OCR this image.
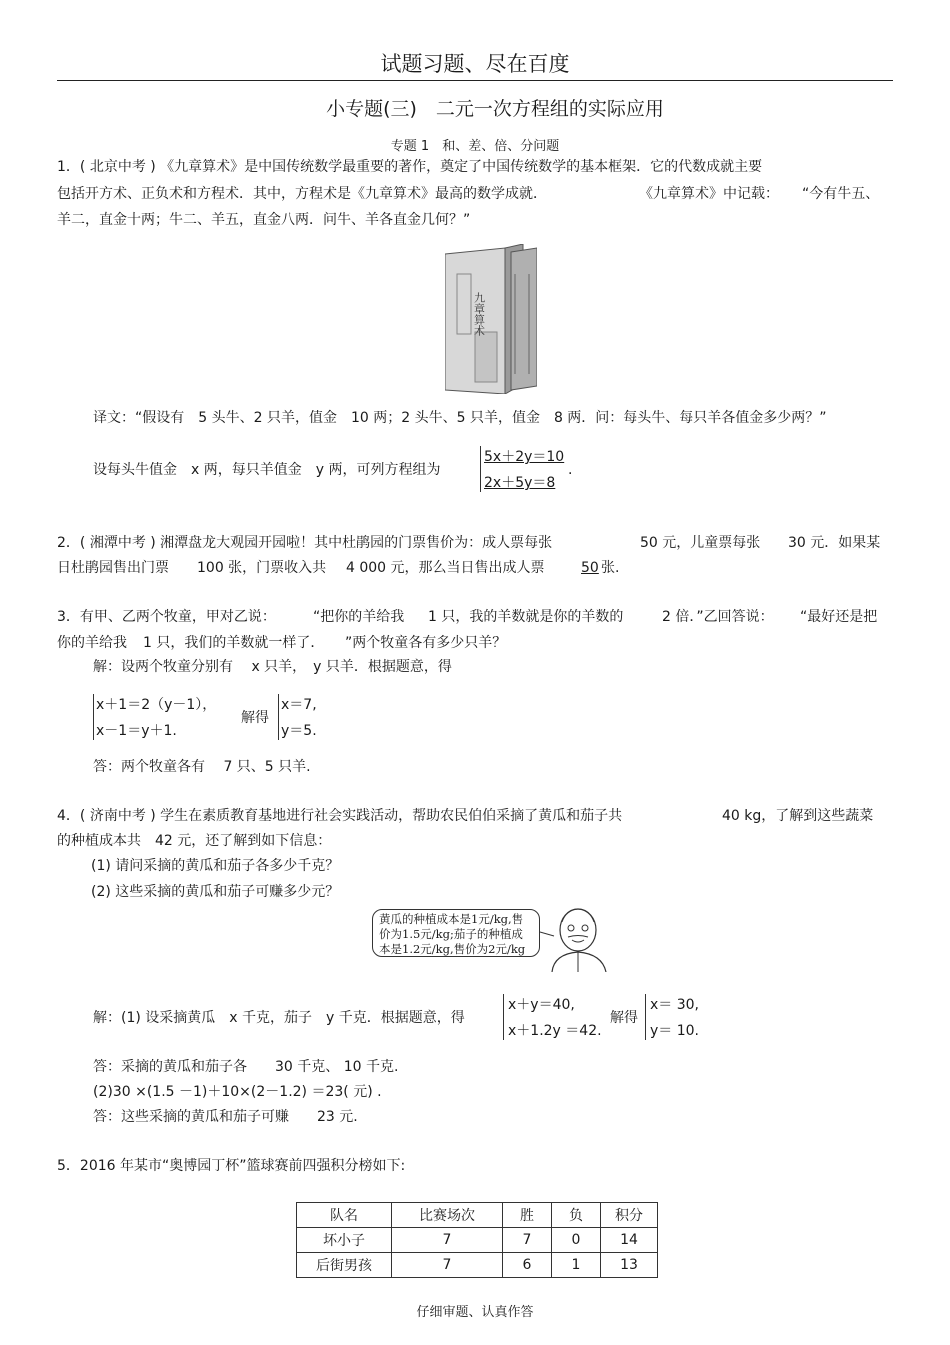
试题习题、尽在百度
小专题(三)　二元一次方程组的实际应用
专题 1　和、差、倍、分问题
1．( 北京中考 ) 《九章算术》是中国传统数学最重要的著作，奠定了中国传统数学的基本框架．它的代数成就主要
包括开方术、正负术和方程术．其中，方程术是《九章算术》最高的数学成就．	《九章算术》中记载： “今有牛五、
羊二，直金十两；牛二、羊五，直金八两．问牛、羊各直金几何？”
九章算术
译文：“假设有　5 头牛、2 只羊，值金　10 两；2 头牛、5 只羊，值金　8 两．问：每头牛、每只羊各值金多少两？”
设每头牛值金　x 两，每只羊值金　y 两，可列方程组为
5x＋2y＝10
2x＋5y＝8
.
2．( 湘潭中考 ) 湘潭盘龙大观园开园啦！其中杜鹃园的门票售价为：成人票每张	50 元，儿童票每张 30 元．如果某
日杜鹃园售出门票 100 张，门票收入共 4 000 元，那么当日售出成人票	50 张.
3．有甲、乙两个牧童，甲对乙说：	“把你的羊给我 1 只，我的羊数就是你的羊数的	2 倍．”乙回答说： “最好还是把
你的羊给我 1 只，我们的羊数就一样了． ”两个牧童各有多少只羊？
解：设两个牧童分别有　 x 只羊，　y 只羊．根据题意，得
x＋1＝2（y－1），
x－1＝y＋1.
解得
x＝7,
y＝5.
答：两个牧童各有　 7 只、5 只羊.
4．( 济南中考 ) 学生在素质教育基地进行社会实践活动，帮助农民伯伯采摘了黄瓜和茄子共	40 kg，了解到这些蔬菜
的种植成本共　42 元，还了解到如下信息：
(1) 请问采摘的黄瓜和茄子各多少千克？
(2) 这些采摘的黄瓜和茄子可赚多少元？
黄瓜的种植成本是1元/kg,售价为1.5元/kg;茄子的种植成本是1.2元/kg,售价为2元/kg
解：(1) 设采摘黄瓜　x 千克，茄子　y 千克．根据题意，得
x＋y＝40,
x＋1.2y ＝42.
解得
x＝ 30,
y＝ 10.
答：采摘的黄瓜和茄子各　　30 千克、 10 千克.
(2)30 ×(1.5 －1)＋10×(2－1.2) ＝23( 元) .
答：这些采摘的黄瓜和茄子可赚　　23 元.
5．2016 年某市“奥博园丁杯”篮球赛前四强积分榜如下:
队名	比赛场次	胜	负	积分
坏小子	7	7	0	14
后街男孩	7	6	1	13
仔细审题、认真作答
